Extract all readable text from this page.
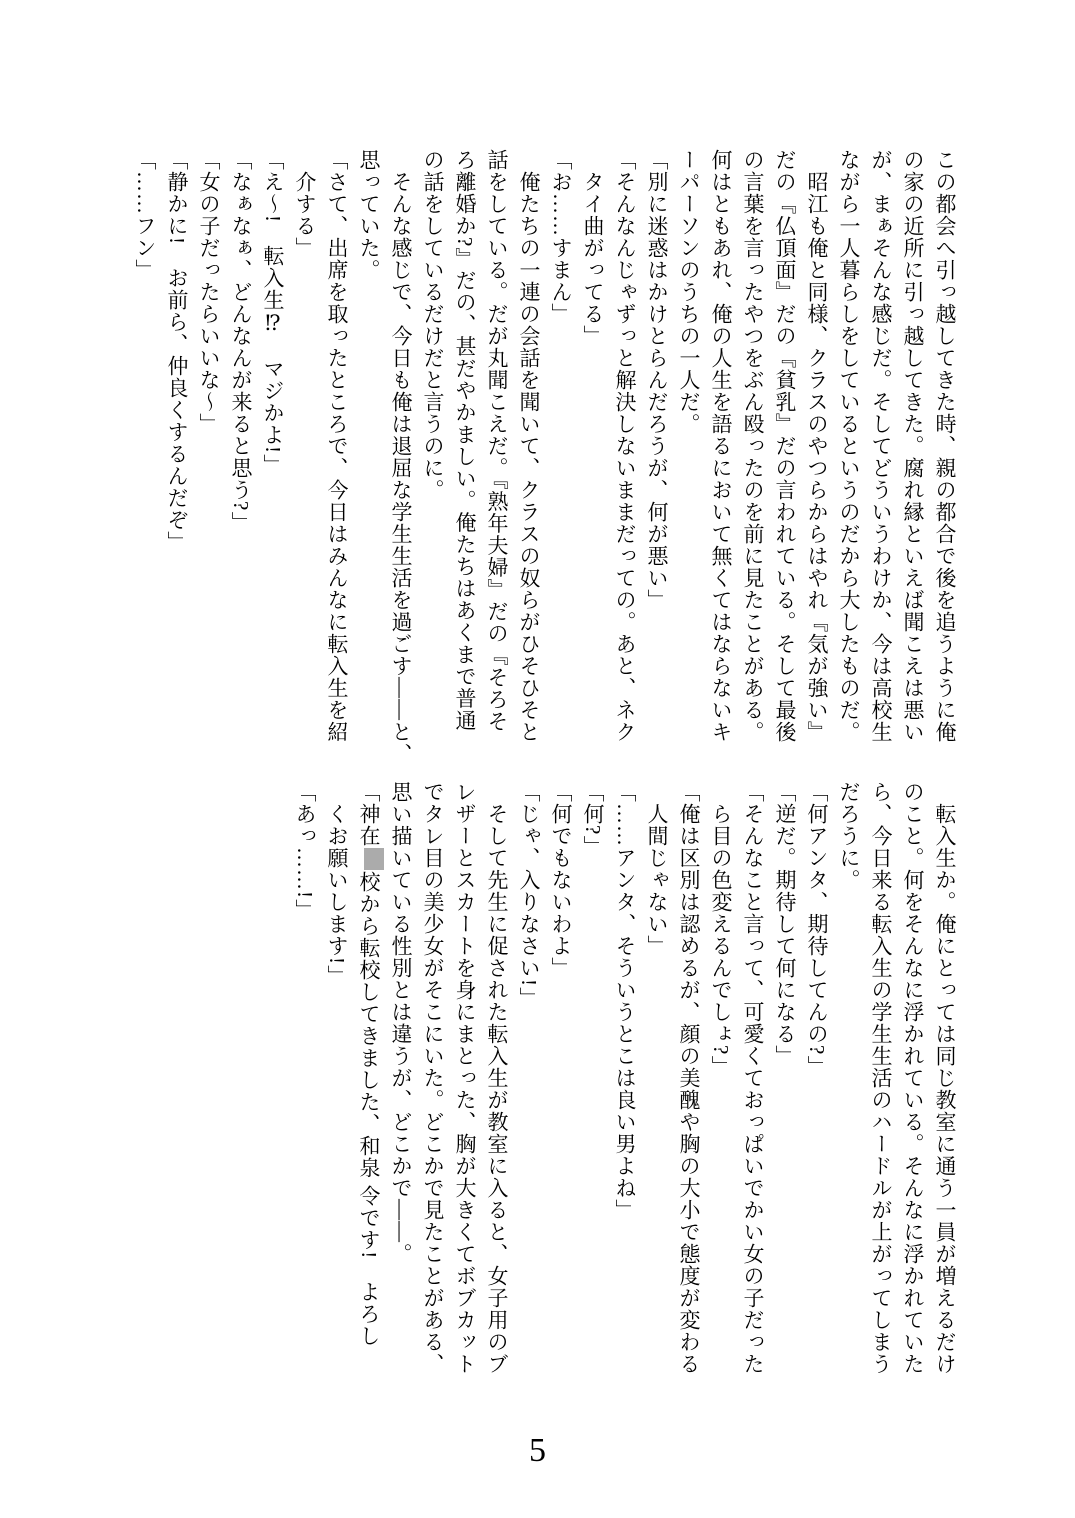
この都会へ引っ越してきた時、親の都合で後を追うように俺
の家の近所に引っ越してきた。腐れ縁といえば聞こえは悪い
が、まぁそんな感じだ。そしてどういうわけか、今は高校生
ながら一人暮らしをしているというのだから大したものだ。
昭江も俺と同様、クラスのやつらからはやれ『気が強い』
だの『仏頂面』だの『貧乳』だの言われている。そして最後
の言葉を言ったやつをぶん殴ったのを前に見たことがある。
何はともあれ、俺の人生を語るにおいて無くてはならないキ
ーパーソンのうちの一人だ。
「別に迷惑はかけとらんだろうが、何が悪い」
「そんなんじゃずっと解決しないままだっての。あと、ネク
タイ曲がってる」
「お……すまん」
俺たちの一連の会話を聞いて、クラスの奴らがひそひそと
話をしている。だが丸聞こえだ。『熟年夫婦』だの『そろそ
ろ離婚か?』だの、甚だやかましい。俺たちはあくまで普通
の話をしているだけだと言うのに。
そんな感じで、今日も俺は退屈な学生生活を過ごす――と、
思っていた。
「さて、出席を取ったところで、今日はみんなに転入生を紹
介する」
「え〜!　転入生⁉　マジかよ!」
「なぁなぁ、どんなんが来ると思う?」
「女の子だったらいいな〜」
「静かに!　お前ら、仲良くするんだぞ」
「……フン」
転入生か。俺にとっては同じ教室に通う一員が増えるだけ
のこと。何をそんなに浮かれている。そんなに浮かれていた
ら、今日来る転入生の学生生活のハードルが上がってしまう
だろうに。
「何アンタ、期待してんの?」
「逆だ。期待して何になる」
「そんなこと言って、可愛くておっぱいでかい女の子だった
ら目の色変えるんでしょ?」
「俺は区別は認めるが、顔の美醜や胸の大小で態度が変わる
人間じゃない」
「……アンタ、そういうとこは良い男よね」
「何?」
「何でもないわよ」
「じゃ、入りなさい!」
そして先生に促された転入生が教室に入ると、女子用のブ
レザーとスカートを身にまとった、胸が大きくてボブカット
でタレ目の美少女がそこにいた。どこかで見たことがある、
思い描いている性別とは違うが、どこかで――。
「神在校から転校してきました、和泉 令です!　よろし
くお願いします!」
「あっ……!」
5
